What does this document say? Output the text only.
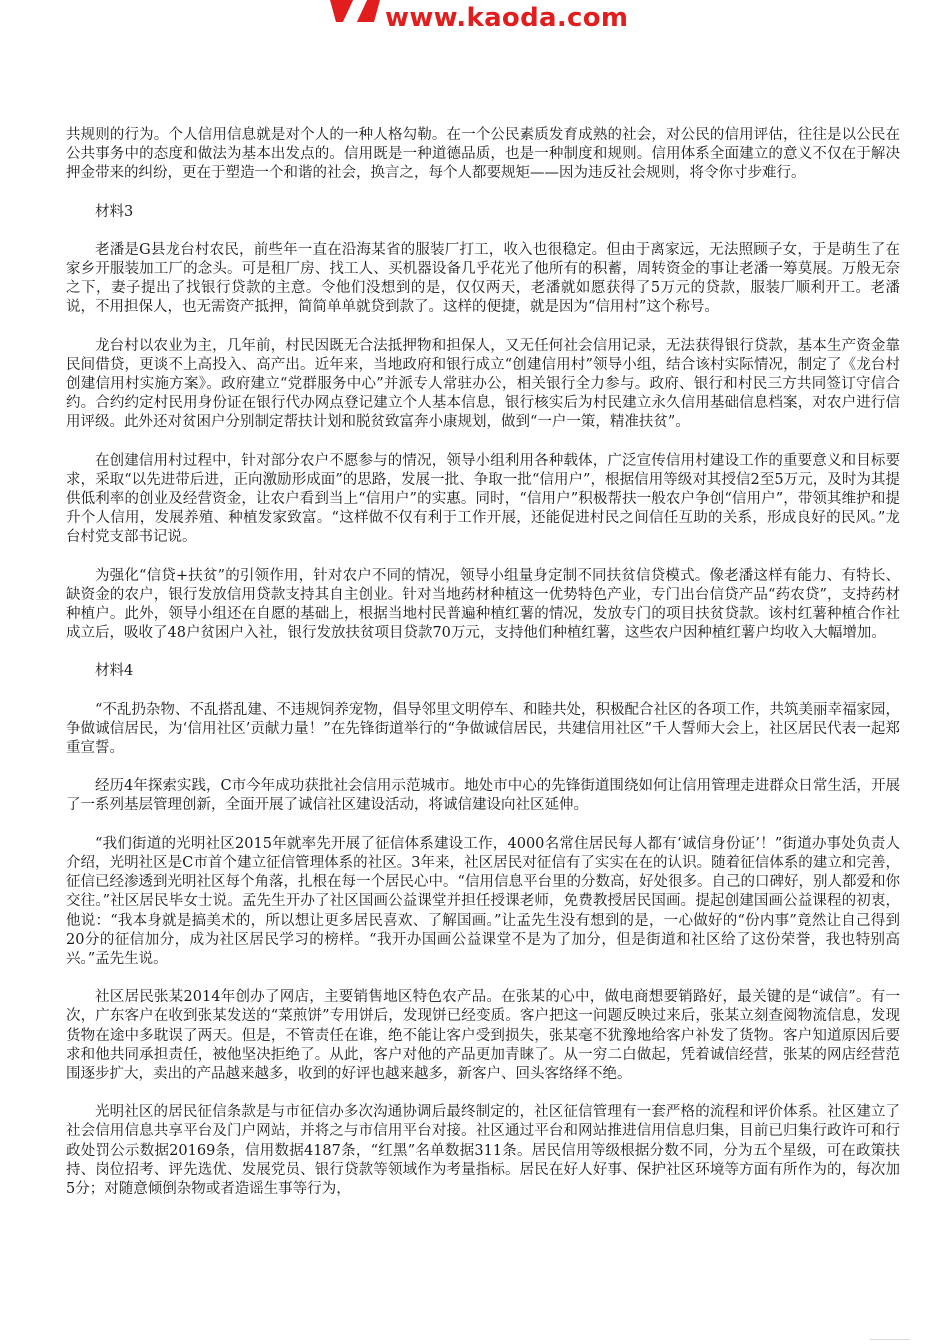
www.kaoda.com

共规则的行为。个人信用信息就是对个人的一种人格勾勒。在一个公民素质发育成熟的社会，对公民的信用评估，往往是以公民在公共事务中的态度和做法为基本出发点的。信用既是一种道德品质，也是一种制度和规则。信用体系全面建立的意义不仅在于解决押金带来的纠纷，更在于塑造一个和谐的社会，换言之，每个人都要规矩——因为违反社会规则，将令你寸步难行。

材料3

老潘是G县龙台村农民，前些年一直在沿海某省的服装厂打工，收入也很稳定。但由于离家远，无法照顾子女，于是萌生了在家乡开服装加工厂的念头。可是租厂房、找工人、买机器设备几乎花光了他所有的积蓄，周转资金的事让老潘一筹莫展。万般无奈之下，妻子提出了找银行贷款的主意。令他们没想到的是，仅仅两天，老潘就如愿获得了5万元的贷款，服装厂顺利开工。老潘说，不用担保人，也无需资产抵押，简简单单就贷到款了。这样的便捷，就是因为“信用村”这个称号。

龙台村以农业为主，几年前，村民因既无合法抵押物和担保人，又无任何社会信用记录，无法获得银行贷款，基本生产资金靠民间借贷，更谈不上高投入、高产出。近年来，当地政府和银行成立“创建信用村”领导小组，结合该村实际情况，制定了《龙台村创建信用村实施方案》。政府建立“党群服务中心”并派专人常驻办公，相关银行全力参与。政府、银行和村民三方共同签订守信合约。合约约定村民用身份证在银行代办网点登记建立个人基本信息，银行核实后为村民建立永久信用基础信息档案，对农户进行信用评级。此外还对贫困户分别制定帮扶计划和脱贫致富奔小康规划，做到“一户一策，精准扶贫”。

在创建信用村过程中，针对部分农户不愿参与的情况，领导小组利用各种载体，广泛宣传信用村建设工作的重要意义和目标要求，采取“以先进带后进，正向激励形成面”的思路，发展一批、争取一批“信用户”，根据信用等级对其授信2至5万元，及时为其提供低利率的创业及经营资金，让农户看到当上“信用户”的实惠。同时，“信用户”积极帮扶一般农户争创“信用户”，带领其维护和提升个人信用，发展养殖、种植发家致富。“这样做不仅有利于工作开展，还能促进村民之间信任互助的关系，形成良好的民风。”龙台村党支部书记说。

为强化“信贷+扶贫”的引领作用，针对农户不同的情况，领导小组量身定制不同扶贫信贷模式。像老潘这样有能力、有特长、缺资金的农户，银行发放信用贷款支持其自主创业。针对当地药材种植这一优势特色产业，专门出台信贷产品“药农贷”，支持药材种植户。此外，领导小组还在自愿的基础上，根据当地村民普遍种植红薯的情况，发放专门的项目扶贫贷款。该村红薯种植合作社成立后，吸收了48户贫困户入社，银行发放扶贫项目贷款70万元，支持他们种植红薯，这些农户因种植红薯户均收入大幅增加。

材料4

“不乱扔杂物、不乱搭乱建、不违规饲养宠物，倡导邻里文明停车、和睦共处，积极配合社区的各项工作，共筑美丽幸福家园，争做诚信居民，为‘信用社区’贡献力量！”在先锋街道举行的“争做诚信居民，共建信用社区”千人誓师大会上，社区居民代表一起郑重宣誓。

经历4年探索实践，C市今年成功获批社会信用示范城市。地处市中心的先锋街道围绕如何让信用管理走进群众日常生活，开展了一系列基层管理创新，全面开展了诚信社区建设活动，将诚信建设向社区延伸。

“我们街道的光明社区2015年就率先开展了征信体系建设工作，4000名常住居民每人都有‘诚信身份证’！”街道办事处负责人介绍，光明社区是C市首个建立征信管理体系的社区。3年来，社区居民对征信有了实实在在的认识。随着征信体系的建立和完善，征信已经渗透到光明社区每个角落，扎根在每一个居民心中。“信用信息平台里的分数高，好处很多。自己的口碑好，别人都爱和你交往。”社区居民毕女士说。孟先生开办了社区国画公益课堂并担任授课老师，免费教授居民国画。提起创建国画公益课程的初衷，他说：“我本身就是搞美术的，所以想让更多居民喜欢、了解国画。”让孟先生没有想到的是，一心做好的“份内事”竟然让自己得到20分的征信加分，成为社区居民学习的榜样。“我开办国画公益课堂不是为了加分，但是街道和社区给了这份荣誉，我也特别高兴。”孟先生说。

社区居民张某2014年创办了网店，主要销售地区特色农产品。在张某的心中，做电商想要销路好，最关键的是“诚信”。有一次，广东客户在收到张某发送的“菜煎饼”专用饼后，发现饼已经变质。客户把这一问题反映过来后，张某立刻查阅物流信息，发现货物在途中多耽误了两天。但是，不管责任在谁，绝不能让客户受到损失，张某毫不犹豫地给客户补发了货物。客户知道原因后要求和他共同承担责任，被他坚决拒绝了。从此，客户对他的产品更加青睐了。从一穷二白做起，凭着诚信经营，张某的网店经营范围逐步扩大，卖出的产品越来越多，收到的好评也越来越多，新客户、回头客络绎不绝。

光明社区的居民征信条款是与市征信办多次沟通协调后最终制定的，社区征信管理有一套严格的流程和评价体系。社区建立了社会信用信息共享平台及门户网站，并将之与市信用平台对接。社区通过平台和网站推进信用信息归集，目前已归集行政许可和行政处罚公示数据20169条，信用数据4187条，“红黑”名单数据311条。居民信用等级根据分数不同，分为五个星级，可在政策扶持、岗位招考、评先选优、发展党员、银行贷款等领域作为考量指标。居民在好人好事、保护社区环境等方面有所作为的，每次加5分；对随意倾倒杂物或者造谣生事等行为，
